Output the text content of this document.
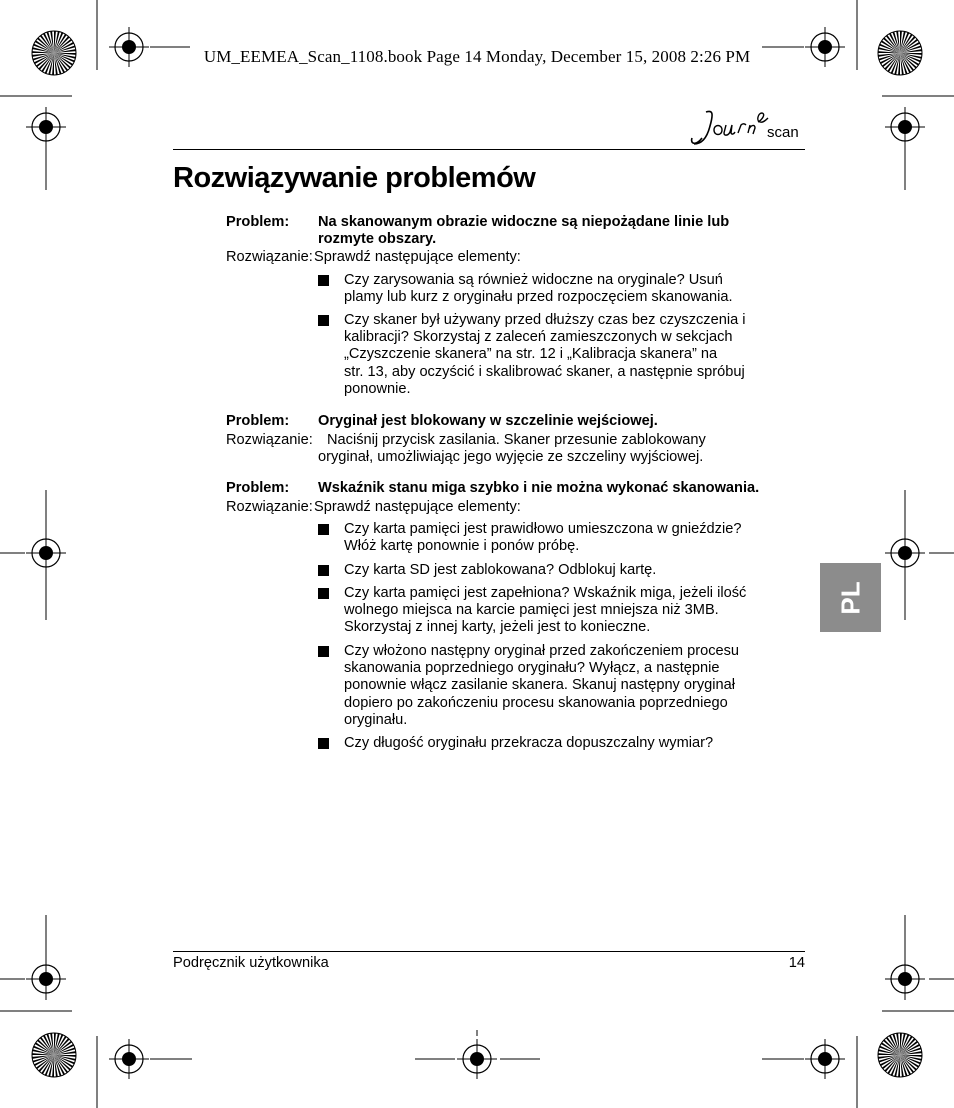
UM_EEMEA_Scan_1108.book Page 14 Monday, December 15, 2008 2:26 PM
scan
Rozwiązywanie problemów
Problem: Na skanowanym obrazie widoczne są niepożądane linie lub
rozmyte obszary.
Rozwiązanie: Sprawdź następujące elementy:
Czy zarysowania są również widoczne na oryginale? Usuń
plamy lub kurz z oryginału przed rozpoczęciem skanowania.
Czy skaner był używany przed dłuższy czas bez czyszczenia i
kalibracji? Skorzystaj z zaleceń zamieszczonych w sekcjach
„Czyszczenie skanera” na str. 12 i „Kalibracja skanera” na
str. 13, aby oczyścić i skalibrować skaner, a następnie spróbuj
ponownie.
Problem: Oryginał jest blokowany w szczelinie wejściowej.
Rozwiązanie: Naciśnij przycisk zasilania. Skaner przesunie zablokowany
oryginał, umożliwiając jego wyjęcie ze szczeliny wyjściowej.
Problem: Wskaźnik stanu miga szybko i nie można wykonać skanowania.
Rozwiązanie: Sprawdź następujące elementy:
Czy karta pamięci jest prawidłowo umieszczona w gnieździe?
Włóż kartę ponownie i ponów próbę.
Czy karta SD jest zablokowana? Odblokuj kartę.
Czy karta pamięci jest zapełniona? Wskaźnik miga, jeżeli ilość
wolnego miejsca na karcie pamięci jest mniejsza niż 3MB.
Skorzystaj z innej karty, jeżeli jest to konieczne.
Czy włożono następny oryginał przed zakończeniem procesu
skanowania poprzedniego oryginału? Wyłącz, a następnie
ponownie włącz zasilanie skanera. Skanuj następny oryginał
dopiero po zakończeniu procesu skanowania poprzedniego
oryginału.
Czy długość oryginału przekracza dopuszczalny wymiar?
PL
Podręcznik użytkownika	14
